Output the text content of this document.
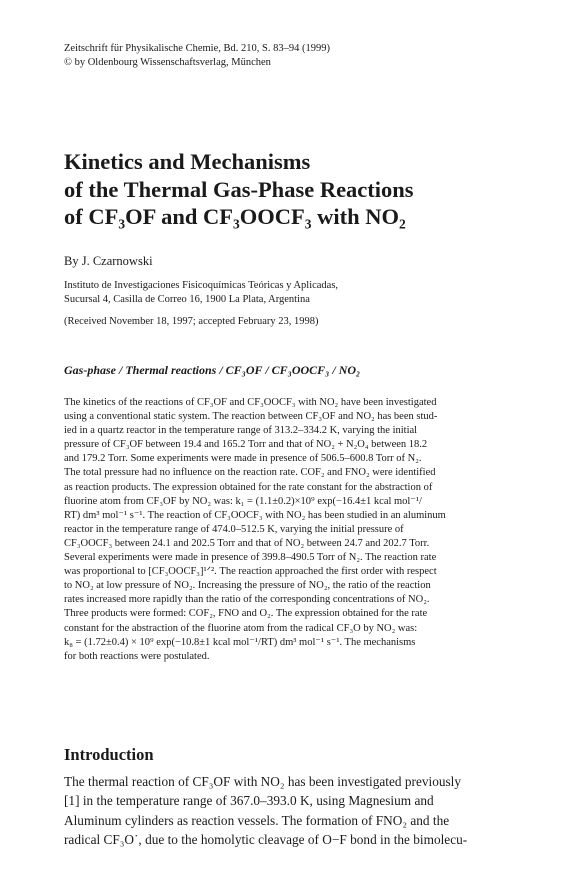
Zeitschrift für Physikalische Chemie, Bd. 210, S. 83–94 (1999)
© by Oldenbourg Wissenschaftsverlag, München
Kinetics and Mechanisms
of the Thermal Gas-Phase Reactions
of CF₃OF and CF₃OOCF₃ with NO₂
By J. Czarnowski
Instituto de Investigaciones Fisicoquímicas Teóricas y Aplicadas,
Sucursal 4, Casilla de Correo 16, 1900 La Plata, Argentina
(Received November 18, 1997; accepted February 23, 1998)
Gas-phase / Thermal reactions / CF₃OF / CF₃OOCF₃ / NO₂
The kinetics of the reactions of CF₃OF and CF₃OOCF₃ with NO₂ have been investigated
using a conventional static system. The reaction between CF₃OF and NO₂ has been stud-
ied in a quartz reactor in the temperature range of 313.2–334.2 K, varying the initial
pressure of CF₃OF between 19.4 and 165.2 Torr and that of NO₂ + N₂O₄ between 18.2
and 179.2 Torr. Some experiments were made in presence of 506.5–600.8 Torr of N₂.
The total pressure had no influence on the reaction rate. COF₂ and FNO₂ were identified
as reaction products. The expression obtained for the rate constant for the abstraction of
fluorine atom from CF₃OF by NO₂ was: k₁ = (1.1±0.2)×10⁹ exp(−16.4±1 kcal mol⁻¹/
RT) dm³ mol⁻¹ s⁻¹. The reaction of CF₃OOCF₃ with NO₂ has been studied in an aluminum
reactor in the temperature range of 474.0–512.5 K, varying the initial pressure of
CF₃OOCF₃ between 24.1 and 202.5 Torr and that of NO₂ between 24.7 and 202.7 Torr.
Several experiments were made in presence of 399.8–490.5 Torr of N₂. The reaction rate
was proportional to [CF₃OOCF₃]¹ᐟ². The reaction approached the first order with respect
to NO₂ at low pressure of NO₂. Increasing the pressure of NO₂, the ratio of the reaction
rates increased more rapidly than the ratio of the corresponding concentrations of NO₂.
Three products were formed: COF₂, FNO and O₂. The expression obtained for the rate
constant for the abstraction of the fluorine atom from the radical CF₃O by NO₂ was:
k₈ = (1.72±0.4) × 10⁹ exp(−10.8±1 kcal mol⁻¹/RT) dm³ mol⁻¹ s⁻¹. The mechanisms
for both reactions were postulated.
Introduction
The thermal reaction of CF₃OF with NO₂ has been investigated previously
[1] in the temperature range of 367.0–393.0 K, using Magnesium and
Aluminum cylinders as reaction vessels. The formation of FNO₂ and the
radical CF₃O˙, due to the homolytic cleavage of O−F bond in the bimolecu-
